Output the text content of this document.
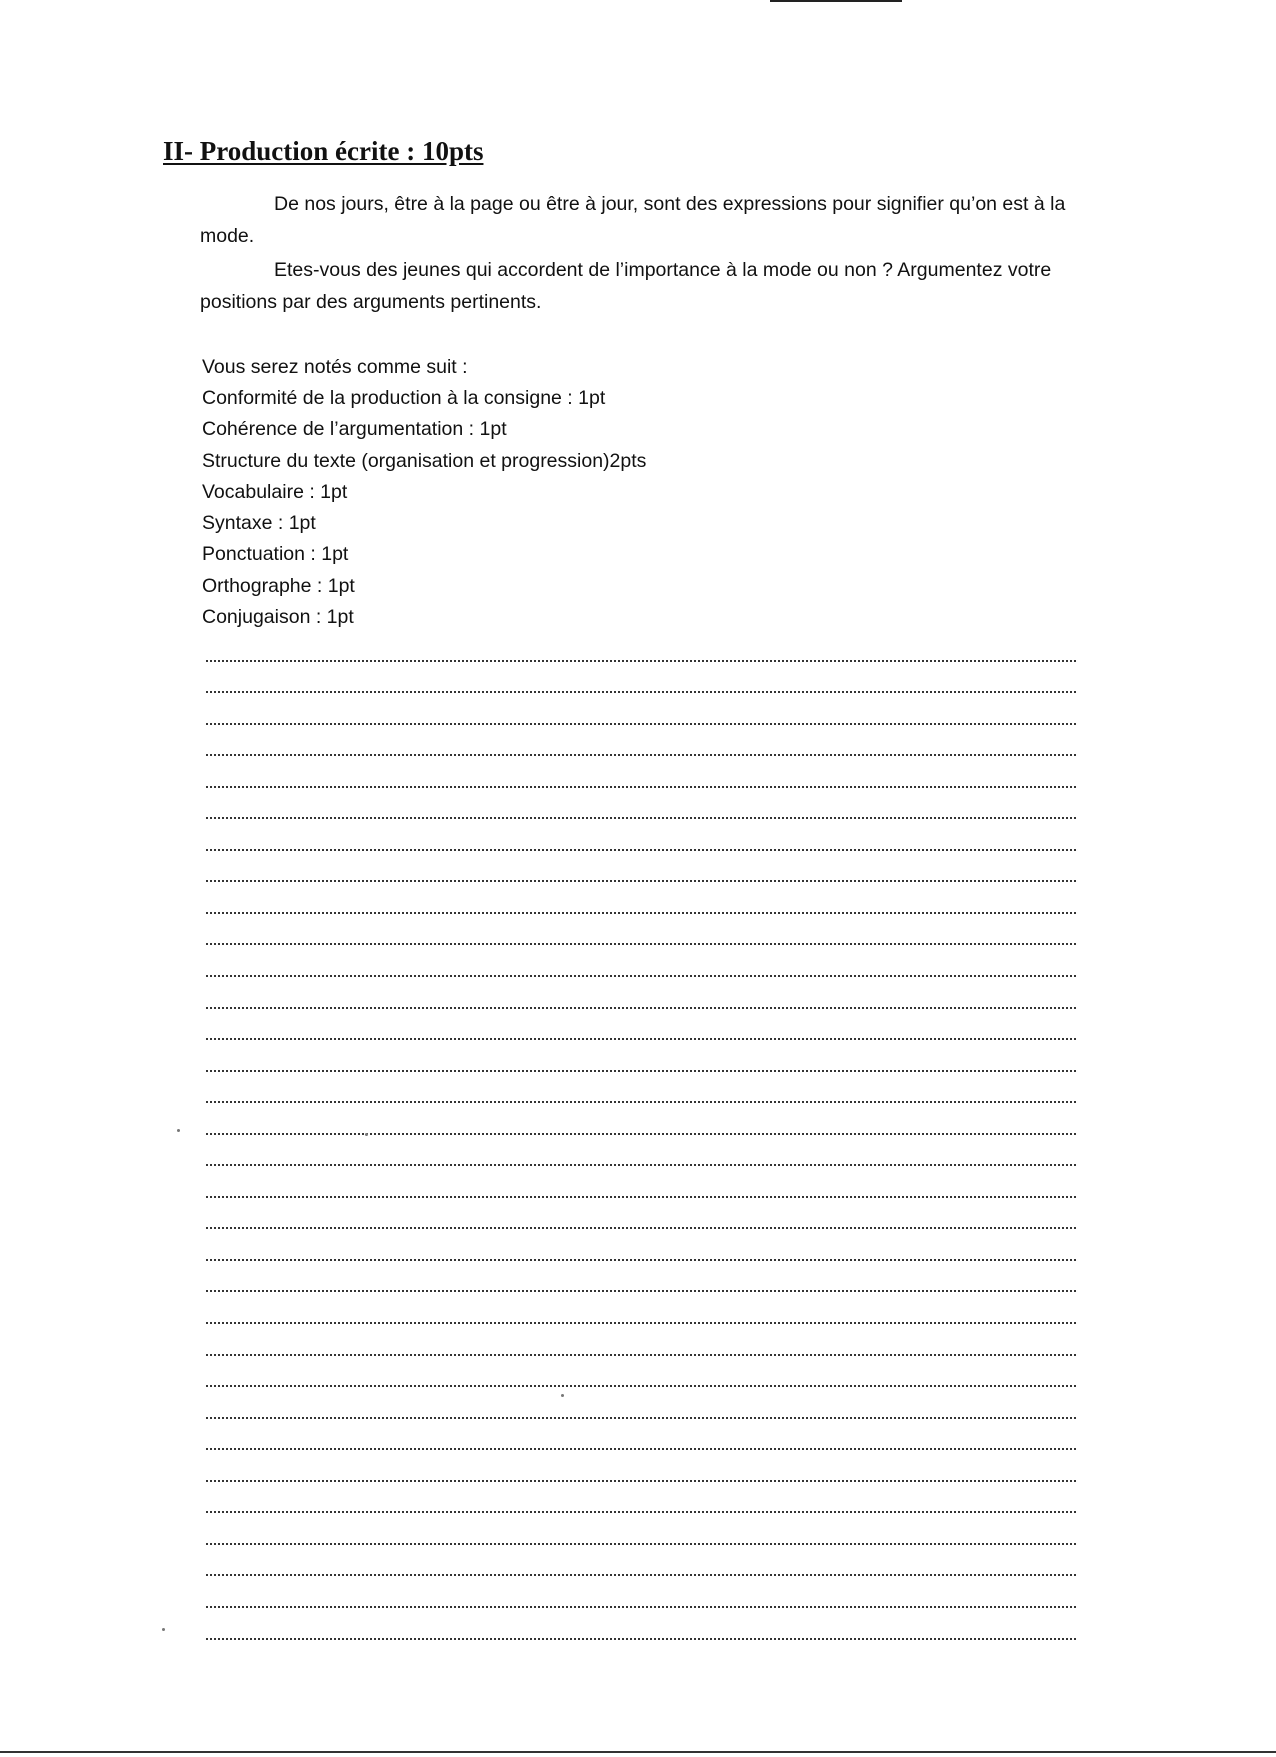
II- Production écrite : 10pts

De nos jours, être à la page ou être à jour, sont des expressions pour signifier qu’on est à la mode.

Etes-vous des jeunes qui accordent de l’importance à la mode ou non ? Argumentez votre positions par des arguments pertinents.

Vous serez notés comme suit :
Conformité de la production à la consigne : 1pt
Cohérence de l’argumentation : 1pt
Structure du texte (organisation et progression)2pts
Vocabulaire : 1pt
Syntaxe : 1pt
Ponctuation : 1pt
Orthographe : 1pt
Conjugaison : 1pt
